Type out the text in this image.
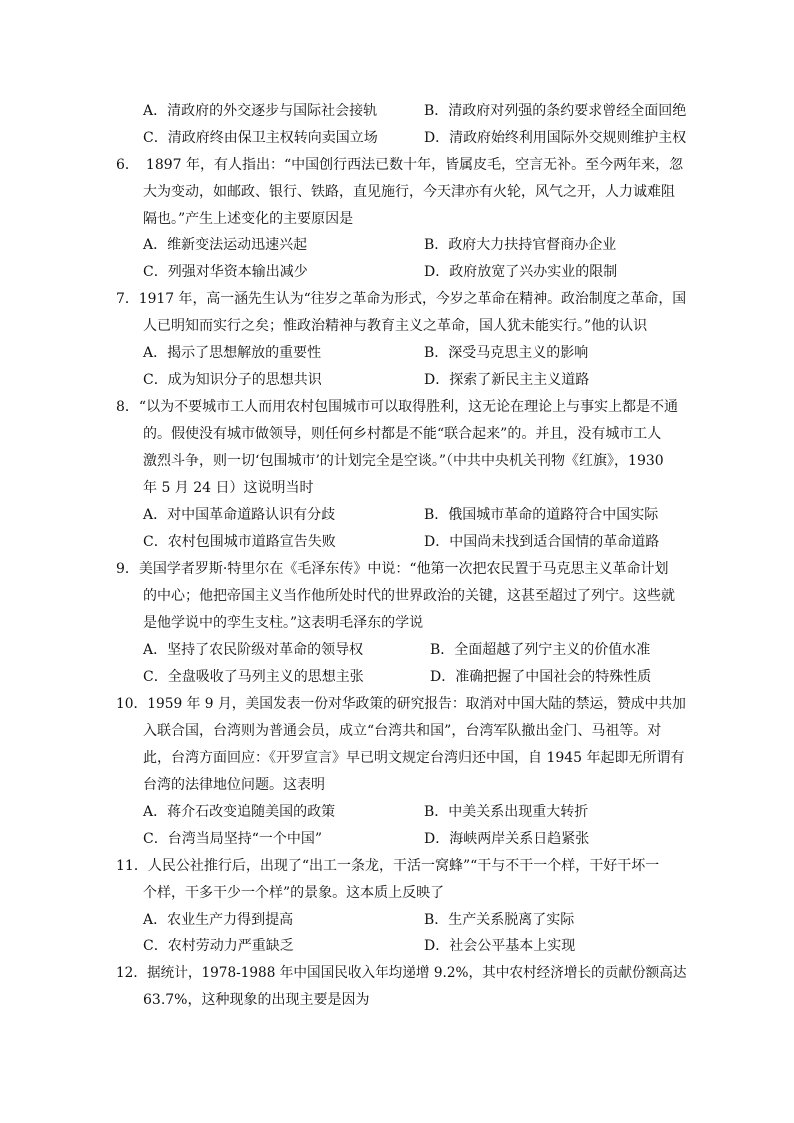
A．清政府的外交逐步与国际社会接轨	B．清政府对列强的条约要求曾经全面回绝
C．清政府终由保卫主权转向卖国立场	D．清政府始终利用国际外交规则维护主权
6．　1897 年，有人指出：“中国创行西法已数十年，皆属皮毛，空言无补。至今两年来，忽
大为变动，如邮政、银行、铁路，直见施行，今天津亦有火轮，风气之开，人力诚难阻
隔也。”产生上述变化的主要原因是
A．维新变法运动迅速兴起	B．政府大力扶持官督商办企业
C．列强对华资本输出减少	D．政府放宽了兴办实业的限制
7．1917 年，高一涵先生认为“往岁之革命为形式，今岁之革命在精神。政治制度之革命，国
人已明知而实行之矣；惟政治精神与教育主义之革命，国人犹未能实行。”他的认识
A．揭示了思想解放的重要性	B．深受马克思主义的影响
C．成为知识分子的思想共识	D．探索了新民主主义道路
8．“以为不要城市工人而用农村包围城市可以取得胜利，这无论在理论上与事实上都是不通
的。假使没有城市做领导，则任何乡村都是不能“联合起来”的。并且，没有城市工人
激烈斗争，则一切‘包围城市’的计划完全是空谈。”（中共中央机关刊物《红旗》，1930
年 5 月 24 日）这说明当时
A．对中国革命道路认识有分歧	B．俄国城市革命的道路符合中国实际
C．农村包围城市道路宣告失败	D．中国尚未找到适合国情的革命道路
9．美国学者罗斯·特里尔在《毛泽东传》中说：“他第一次把农民置于马克思主义革命计划
的中心；他把帝国主义当作他所处时代的世界政治的关键，这甚至超过了列宁。这些就
是他学说中的孪生支柱。”这表明毛泽东的学说
A．坚持了农民阶级对革命的领导权	B．全面超越了列宁主义的价值水准
C．全盘吸收了马列主义的思想主张	D．准确把握了中国社会的特殊性质
10．1959 年 9 月，美国发表一份对华政策的研究报告：取消对中国大陆的禁运，赞成中共加
入联合国，台湾则为普通会员，成立“台湾共和国”，台湾军队撤出金门、马祖等。对
此，台湾方面回应：《开罗宣言》早已明文规定台湾归还中国，自 1945 年起即无所谓有
台湾的法律地位问题。这表明
A．蒋介石改变追随美国的政策	B．中美关系出现重大转折
C．台湾当局坚持“一个中国”	D．海峡两岸关系日趋紧张
11．人民公社推行后，出现了“出工一条龙，干活一窝蜂”“干与不干一个样，干好干坏一
个样，干多干少一个样”的景象。这本质上反映了
A．农业生产力得到提高	B．生产关系脱离了实际
C．农村劳动力严重缺乏	D．社会公平基本上实现
12．据统计，1978-1988 年中国国民收入年均递增 9.2%，其中农村经济增长的贡献份额高达
63.7%，这种现象的出现主要是因为
